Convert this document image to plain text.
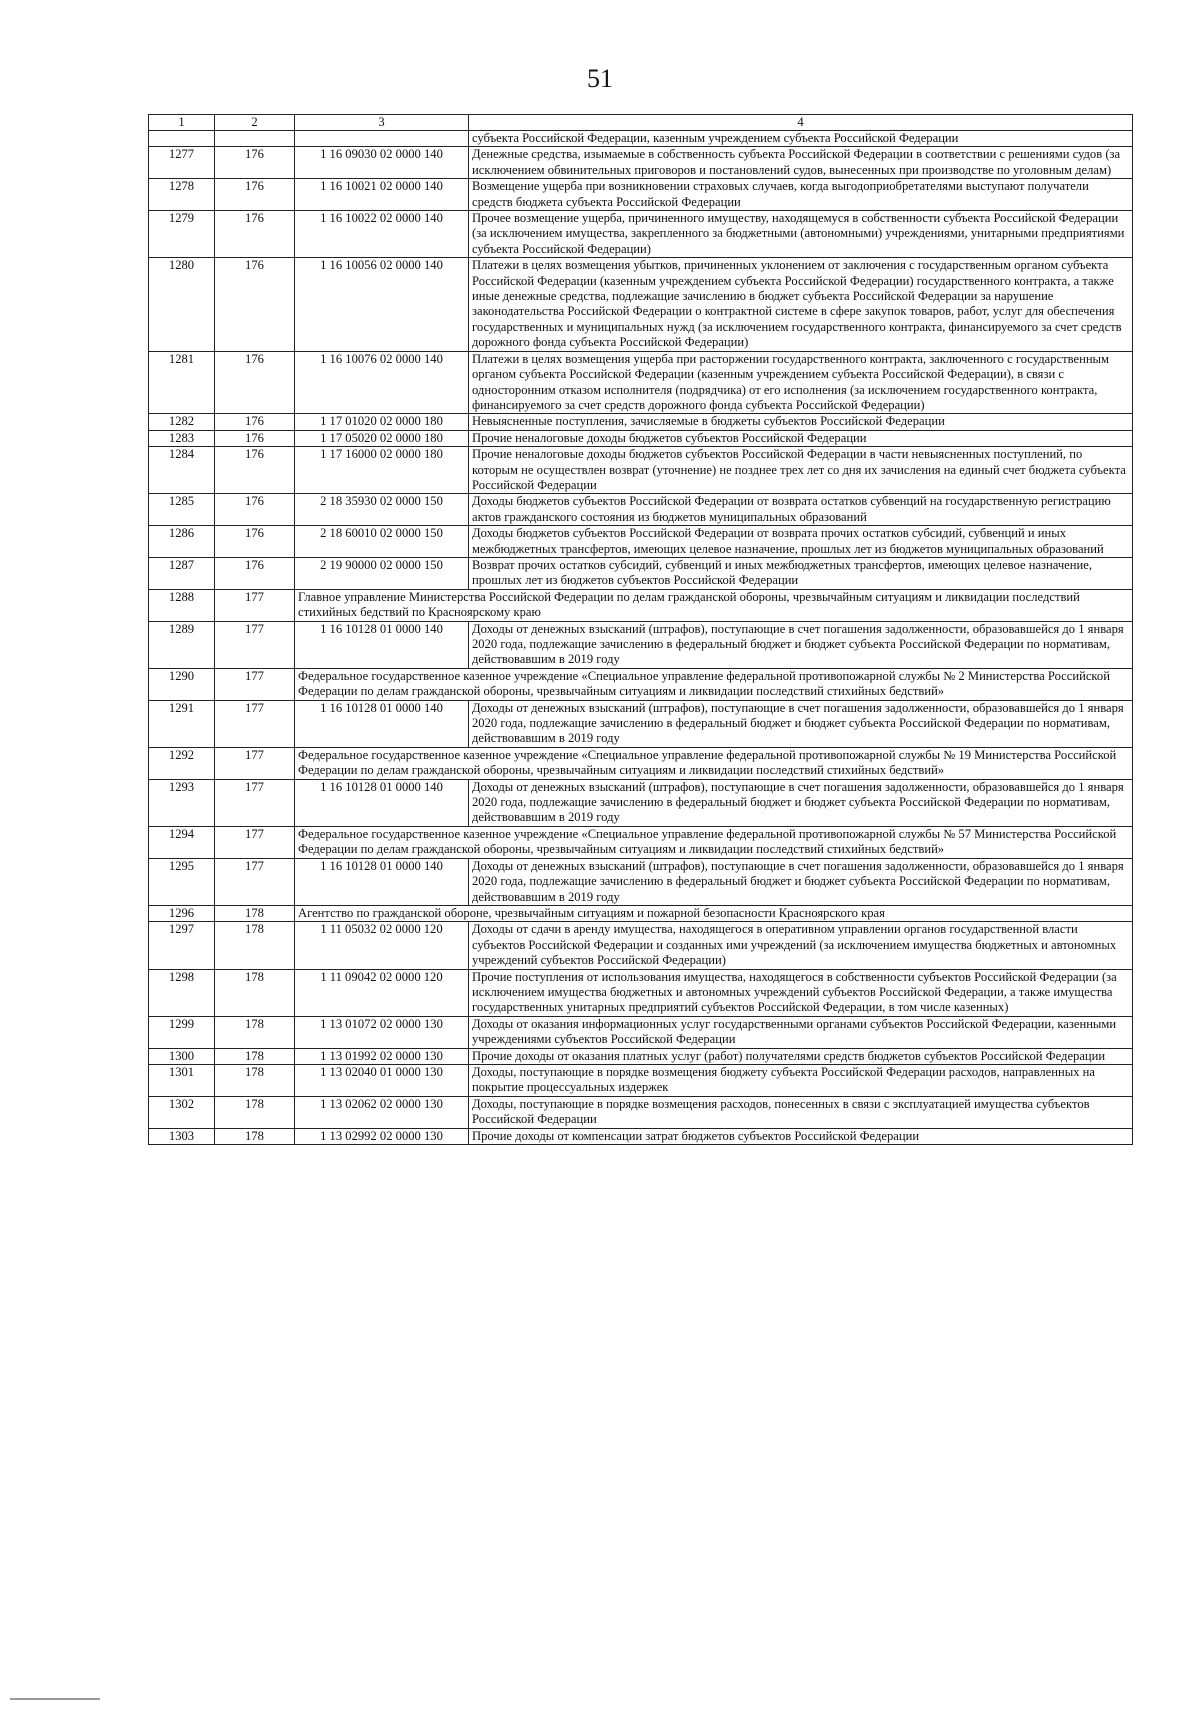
51
1	2	3	4
			субъекта Российской Федерации, казенным учреждением субъекта Российской Федерации
1277	176	1 16 09030 02 0000 140	Денежные средства, изымаемые в собственность субъекта Российской Федерации в соответствии с решениями судов (за исключением обвинительных приговоров и постановлений судов, вынесенных при производстве по уголовным делам)
1278	176	1 16 10021 02 0000 140	Возмещение ущерба при возникновении страховых случаев, когда выгодоприобретателями выступают получатели средств бюджета субъекта Российской Федерации
1279	176	1 16 10022 02 0000 140	Прочее возмещение ущерба, причиненного имуществу, находящемуся в собственности субъекта Российской Федерации (за исключением имущества, закрепленного за бюджетными (автономными) учреждениями, унитарными предприятиями субъекта Российской Федерации)
1280	176	1 16 10056 02 0000 140	Платежи в целях возмещения убытков, причиненных уклонением от заключения с государственным органом субъекта Российской Федерации (казенным учреждением субъекта Российской Федерации) государственного контракта, а также иные денежные средства, подлежащие зачислению в бюджет субъекта Российской Федерации за нарушение законодательства Российской Федерации о контрактной системе в сфере закупок товаров, работ, услуг для обеспечения государственных и муниципальных нужд (за исключением государственного контракта, финансируемого за счет средств дорожного фонда субъекта Российской Федерации)
1281	176	1 16 10076 02 0000 140	Платежи в целях возмещения ущерба при расторжении государственного контракта, заключенного с государственным органом субъекта Российской Федерации (казенным учреждением субъекта Российской Федерации), в связи с односторонним отказом исполнителя (подрядчика) от его исполнения (за исключением государственного контракта, финансируемого за счет средств дорожного фонда субъекта Российской Федерации)
1282	176	1 17 01020 02 0000 180	Невыясненные поступления, зачисляемые в бюджеты субъектов Российской Федерации
1283	176	1 17 05020 02 0000 180	Прочие неналоговые доходы бюджетов субъектов Российской Федерации
1284	176	1 17 16000 02 0000 180	Прочие неналоговые доходы бюджетов субъектов Российской Федерации в части невыясненных поступлений, по которым не осуществлен возврат (уточнение) не позднее трех лет со дня их зачисления на единый счет бюджета субъекта Российской Федерации
1285	176	2 18 35930 02 0000 150	Доходы бюджетов субъектов Российской Федерации от возврата остатков субвенций на государственную регистрацию актов гражданского состояния из бюджетов муниципальных образований
1286	176	2 18 60010 02 0000 150	Доходы бюджетов субъектов Российской Федерации от возврата прочих остатков субсидий, субвенций и иных межбюджетных трансфертов, имеющих целевое назначение, прошлых лет из бюджетов муниципальных образований
1287	176	2 19 90000 02 0000 150	Возврат прочих остатков субсидий, субвенций и иных межбюджетных трансфертов, имеющих целевое назначение, прошлых лет из бюджетов субъектов Российской Федерации
1288	177	Главное управление Министерства Российской Федерации по делам гражданской обороны, чрезвычайным ситуациям и ликвидации последствий стихийных бедствий по Красноярскому краю	
1289	177	1 16 10128 01 0000 140	Доходы от денежных взысканий (штрафов), поступающие в счет погашения задолженности, образовавшейся до 1 января 2020 года, подлежащие зачислению в федеральный бюджет и бюджет субъекта Российской Федерации по нормативам, действовавшим в 2019 году
1290	177	Федеральное государственное казенное учреждение «Специальное управление федеральной противопожарной службы № 2 Министерства Российской Федерации по делам гражданской обороны, чрезвычайным ситуациям и ликвидации последствий стихийных бедствий»	
1291	177	1 16 10128 01 0000 140	Доходы от денежных взысканий (штрафов), поступающие в счет погашения задолженности, образовавшейся до 1 января 2020 года, подлежащие зачислению в федеральный бюджет и бюджет субъекта Российской Федерации по нормативам, действовавшим в 2019 году
1292	177	Федеральное государственное казенное учреждение «Специальное управление федеральной противопожарной службы № 19 Министерства Российской Федерации по делам гражданской обороны, чрезвычайным ситуациям и ликвидации последствий стихийных бедствий»	
1293	177	1 16 10128 01 0000 140	Доходы от денежных взысканий (штрафов), поступающие в счет погашения задолженности, образовавшейся до 1 января 2020 года, подлежащие зачислению в федеральный бюджет и бюджет субъекта Российской Федерации по нормативам, действовавшим в 2019 году
1294	177	Федеральное государственное казенное учреждение «Специальное управление федеральной противопожарной службы № 57 Министерства Российской Федерации по делам гражданской обороны, чрезвычайным ситуациям и ликвидации последствий стихийных бедствий»	
1295	177	1 16 10128 01 0000 140	Доходы от денежных взысканий (штрафов), поступающие в счет погашения задолженности, образовавшейся до 1 января 2020 года, подлежащие зачислению в федеральный бюджет и бюджет субъекта Российской Федерации по нормативам, действовавшим в 2019 году
1296	178	Агентство по гражданской обороне, чрезвычайным ситуациям и пожарной безопасности Красноярского края	
1297	178	1 11 05032 02 0000 120	Доходы от сдачи в аренду имущества, находящегося в оперативном управлении органов государственной власти субъектов Российской Федерации и созданных ими учреждений (за исключением имущества бюджетных и автономных учреждений субъектов Российской Федерации)
1298	178	1 11 09042 02 0000 120	Прочие поступления от использования имущества, находящегося в собственности субъектов Российской Федерации (за исключением имущества бюджетных и автономных учреждений субъектов Российской Федерации, а также имущества государственных унитарных предприятий субъектов Российской Федерации, в том числе казенных)
1299	178	1 13 01072 02 0000 130	Доходы от оказания информационных услуг государственными органами субъектов Российской Федерации, казенными учреждениями субъектов Российской Федерации
1300	178	1 13 01992 02 0000 130	Прочие доходы от оказания платных услуг (работ) получателями средств бюджетов субъектов Российской Федерации
1301	178	1 13 02040 01 0000 130	Доходы, поступающие в порядке возмещения бюджету субъекта Российской Федерации расходов, направленных на покрытие процессуальных издержек
1302	178	1 13 02062 02 0000 130	Доходы, поступающие в порядке возмещения расходов, понесенных в связи с эксплуатацией имущества субъектов Российской Федерации
1303	178	1 13 02992 02 0000 130	Прочие доходы от компенсации затрат бюджетов субъектов Российской Федерации
